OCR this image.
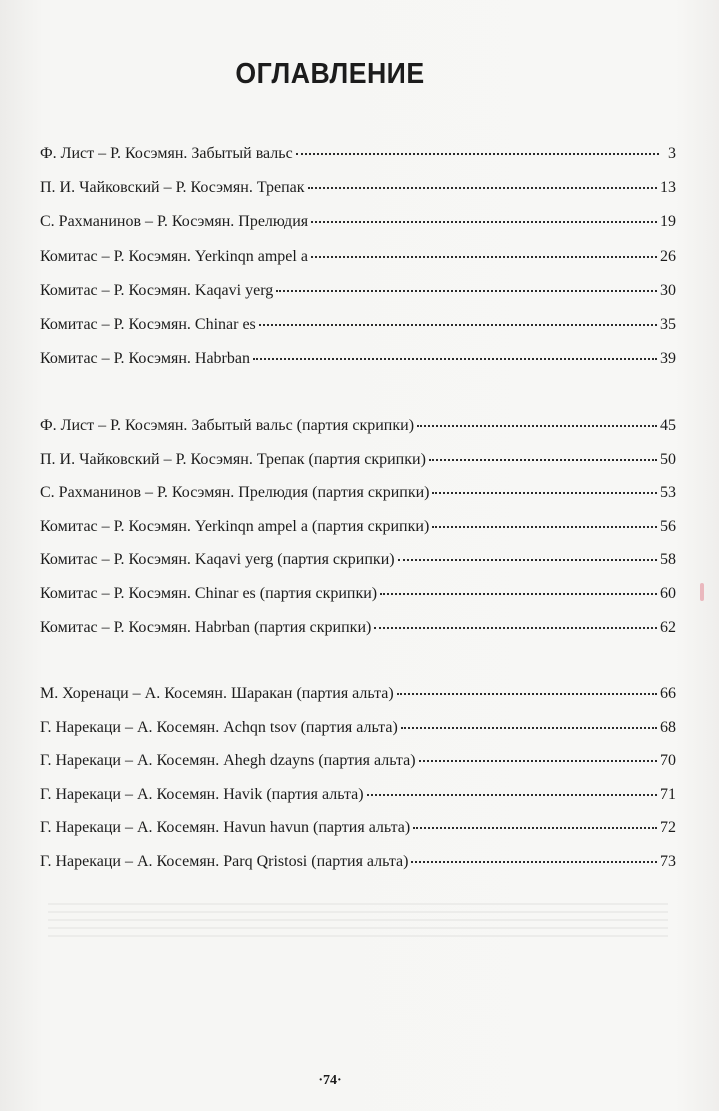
ОГЛАВЛЕНИЕ
Ф. Лист – Р. Косэмян. Забытый вальс	3
П. И. Чайковский – Р. Косэмян. Трепак	13
С. Рахманинов – Р. Косэмян. Прелюдия	19
Комитас – Р. Косэмян. Yerkinqn ampel a	26
Комитас – Р. Косэмян. Kaqavi yerg	30
Комитас – Р. Косэмян. Chinar es	35
Комитас – Р. Косэмян. Habrban	39
Ф. Лист – Р. Косэмян. Забытый вальс (партия скрипки)	45
П. И. Чайковский – Р. Косэмян. Трепак (партия скрипки)	50
С. Рахманинов – Р. Косэмян. Прелюдия (партия скрипки)	53
Комитас – Р. Косэмян. Yerkinqn ampel a (партия скрипки)	56
Комитас – Р. Косэмян. Kaqavi yerg (партия скрипки)	58
Комитас – Р. Косэмян. Chinar es (партия скрипки)	60
Комитас – Р. Косэмян. Habrban (партия скрипки)	62
М. Хоренаци – А. Косемян. Шаракан (партия альта)	66
Г. Нарекаци – А. Косемян. Achqn tsov (партия альта)	68
Г. Нарекаци – А. Косемян. Ahegh dzayns (партия альта)	70
Г. Нарекаци – А. Косемян. Havik (партия альта)	71
Г. Нарекаци – А. Косемян. Havun havun (партия альта)	72
Г. Нарекаци – А. Косемян. Parq Qristosi (партия альта)	73
·74·
